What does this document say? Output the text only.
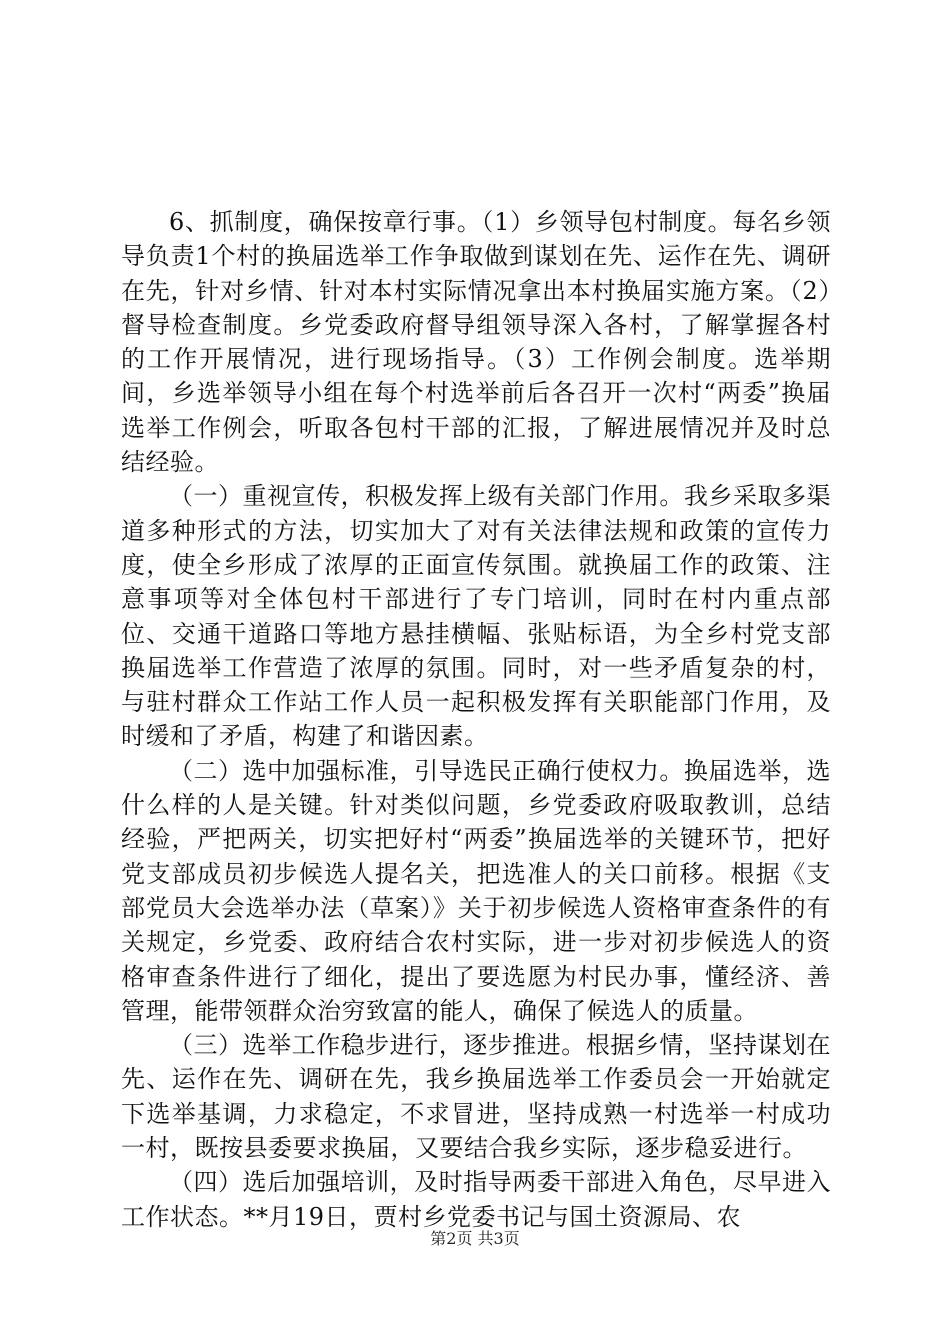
6、抓制度，确保按章行事。（1）乡领导包村制度。每名乡领导负责1个村的换届选举工作争取做到谋划在先、运作在先、调研在先，针对乡情、针对本村实际情况拿出本村换届实施方案。（2）督导检查制度。乡党委政府督导组领导深入各村，了解掌握各村的工作开展情况，进行现场指导。（3）工作例会制度。选举期间，乡选举领导小组在每个村选举前后各召开一次村“两委”换届选举工作例会，听取各包村干部的汇报，了解进展情况并及时总结经验。

（一）重视宣传，积极发挥上级有关部门作用。我乡采取多渠道多种形式的方法，切实加大了对有关法律法规和政策的宣传力度，使全乡形成了浓厚的正面宣传氛围。就换届工作的政策、注意事项等对全体包村干部进行了专门培训，同时在村内重点部位、交通干道路口等地方悬挂横幅、张贴标语，为全乡村党支部换届选举工作营造了浓厚的氛围。同时，对一些矛盾复杂的村，与驻村群众工作站工作人员一起积极发挥有关职能部门作用，及时缓和了矛盾，构建了和谐因素。

（二）选中加强标准，引导选民正确行使权力。换届选举，选什么样的人是关键。针对类似问题，乡党委政府吸取教训，总结经验，严把两关，切实把好村“两委”换届选举的关键环节，把好党支部成员初步候选人提名关，把选准人的关口前移。根据《支部党员大会选举办法（草案）》关于初步候选人资格审查条件的有关规定，乡党委、政府结合农村实际，进一步对初步候选人的资格审查条件进行了细化，提出了要选愿为村民办事，懂经济、善管理，能带领群众治穷致富的能人，确保了候选人的质量。

（三）选举工作稳步进行，逐步推进。根据乡情，坚持谋划在先、运作在先、调研在先，我乡换届选举工作委员会一开始就定下选举基调，力求稳定，不求冒进，坚持成熟一村选举一村成功一村，既按县委要求换届，又要结合我乡实际，逐步稳妥进行。

（四）选后加强培训，及时指导两委干部进入角色，尽早进入工作状态。**月19日，贾村乡党委书记与国土资源局、农

第2页 共3页
